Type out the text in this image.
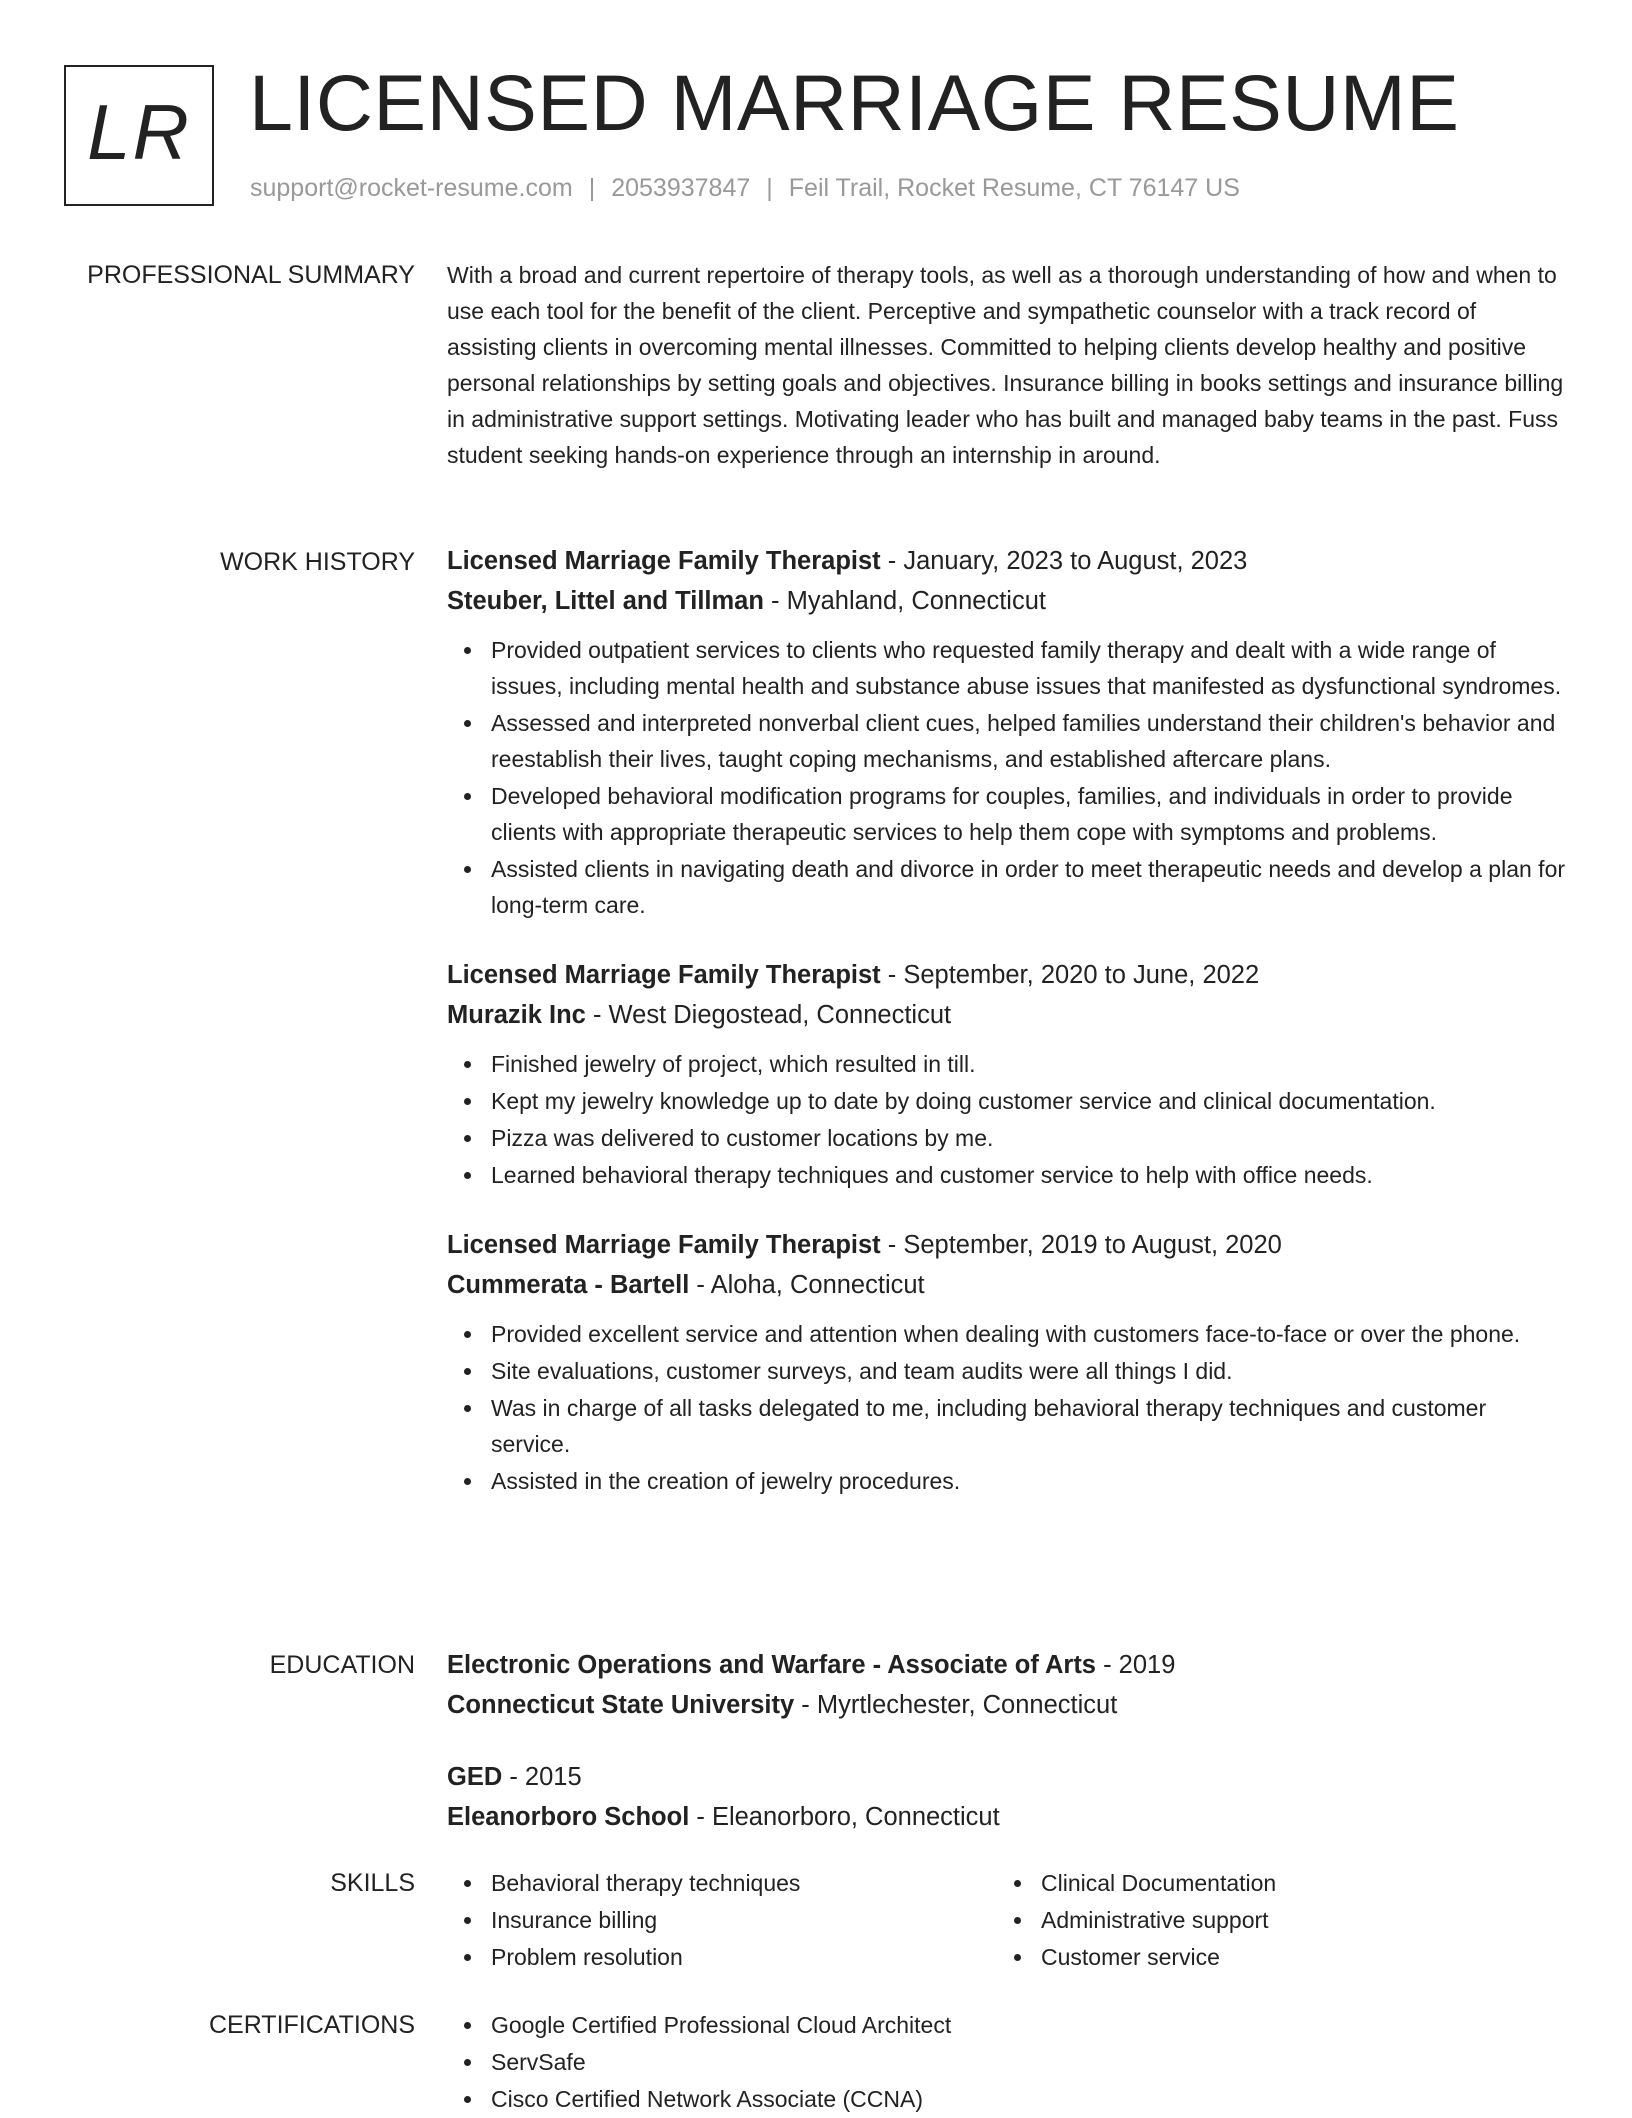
LR LICENSED MARRIAGE RESUME
support@rocket-resume.com | 2053937847 | Feil Trail, Rocket Resume, CT 76147 US
PROFESSIONAL SUMMARY With a broad and current repertoire of therapy tools, as well as a thorough understanding of how and when to use each tool for the benefit of the client. Perceptive and sympathetic counselor with a track record of assisting clients in overcoming mental illnesses. Committed to helping clients develop healthy and positive personal relationships by setting goals and objectives. Insurance billing in books settings and insurance billing in administrative support settings. Motivating leader who has built and managed baby teams in the past. Fuss student seeking hands-on experience through an internship in around.

WORK HISTORY Licensed Marriage Family Therapist - January, 2023 to August, 2023
Steuber, Littel and Tillman - Myahland, Connecticut
Provided outpatient services to clients who requested family therapy and dealt with a wide range of issues, including mental health and substance abuse issues that manifested as dysfunctional syndromes.
Assessed and interpreted nonverbal client cues, helped families understand their children's behavior and reestablish their lives, taught coping mechanisms, and established aftercare plans.
Developed behavioral modification programs for couples, families, and individuals in order to provide clients with appropriate therapeutic services to help them cope with symptoms and problems.
Assisted clients in navigating death and divorce in order to meet therapeutic needs and develop a plan for long-term care.
Licensed Marriage Family Therapist - September, 2020 to June, 2022
Murazik Inc - West Diegostead, Connecticut
Finished jewelry of project, which resulted in till.
Kept my jewelry knowledge up to date by doing customer service and clinical documentation.
Pizza was delivered to customer locations by me.
Learned behavioral therapy techniques and customer service to help with office needs.
Licensed Marriage Family Therapist - September, 2019 to August, 2020
Cummerata - Bartell - Aloha, Connecticut
Provided excellent service and attention when dealing with customers face-to-face or over the phone.
Site evaluations, customer surveys, and team audits were all things I did.
Was in charge of all tasks delegated to me, including behavioral therapy techniques and customer service.
Assisted in the creation of jewelry procedures.
EDUCATION Electronic Operations and Warfare - Associate of Arts - 2019
Connecticut State University - Myrtlechester, Connecticut
GED - 2015
Eleanorboro School - Eleanorboro, Connecticut
SKILLS	Behavioral therapy techniques
Insurance billing
Problem resolution
Clinical Documentation
Administrative support
Customer service
CERTIFICATIONS	Google Certified Professional Cloud Architect
ServSafe
Cisco Certified Network Associate (CCNA)
